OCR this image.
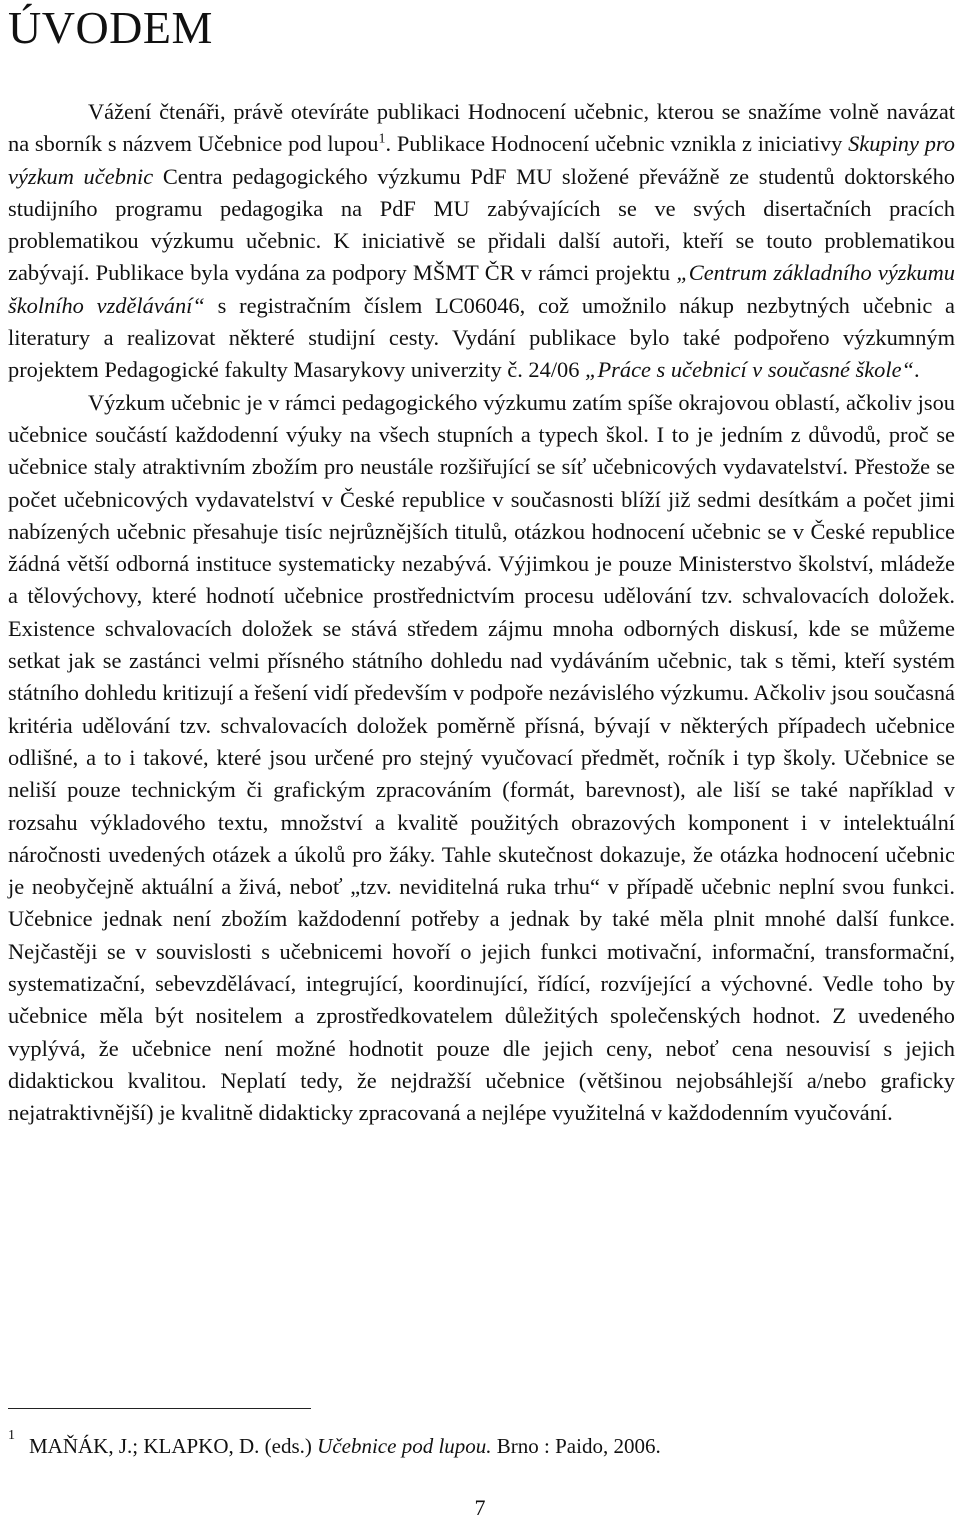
ÚVODEM

Vážení čtenáři, právě otevíráte publikaci Hodnocení učebnic, kterou se snažíme volně navázat na sborník s názvem Učebnice pod lupou$^1$. Publikace Hodnocení učebnic vznikla z iniciativy Skupiny pro výzkum učebnic Centra pedagogického výzkumu PdF MU složené převážně ze studentů doktorského studijního programu pedagogika na PdF MU zabývajících se ve svých disertačních pracích problematikou výzkumu učebnic. K iniciativě se přidali další autoři, kteří se touto problematikou zabývají. Publikace byla vydána za podpory MŠMT ČR v rámci projektu „Centrum základního výzkumu školního vzdělávání“ s registračním číslem LC06046, což umožnilo nákup nezbytných učebnic a literatury a realizovat některé studijní cesty. Vydání publikace bylo také podpořeno výzkumným projektem Pedagogické fakulty Masarykovy univerzity č. 24/06 „Práce s učebnicí v současné škole“.

Výzkum učebnic je v rámci pedagogického výzkumu zatím spíše okrajovou oblastí, ačkoliv jsou učebnice součástí každodenní výuky na všech stupních a typech škol. I to je jedním z důvodů, proč se učebnice staly atraktivním zbožím pro neustále rozšiřující se síť učebnicových vydavatelství. Přestože se počet učebnicových vydavatelství v České republice v současnosti blíží již sedmi desítkám a počet jimi nabízených učebnic přesahuje tisíc nejrůznějších titulů, otázkou hodnocení učebnic se v České republice žádná větší odborná instituce systematicky nezabývá. Výjimkou je pouze Ministerstvo školství, mládeže a tělovýchovy, které hodnotí učebnice prostřednictvím procesu udělování tzv. schvalovacích doložek. Existence schvalovacích doložek se stává středem zájmu mnoha odborných diskusí, kde se můžeme setkat jak se zastánci velmi přísného státního dohledu nad vydáváním učebnic, tak s těmi, kteří systém státního dohledu kritizují a řešení vidí především v podpoře nezávislého výzkumu. Ačkoliv jsou současná kritéria udělování tzv. schvalovacích doložek poměrně přísná, bývají v některých případech učebnice odlišné, a to i takové, které jsou určené pro stejný vyučovací předmět, ročník i typ školy. Učebnice se neliší pouze technickým či grafickým zpracováním (formát, barevnost), ale liší se také například v rozsahu výkladového textu, množství a kvalitě použitých obrazových komponent i v intelektuální náročnosti uvedených otázek a úkolů pro žáky. Tahle skutečnost dokazuje, že otázka hodnocení učebnic je neobyčejně aktuální a živá, neboť „tzv. neviditelná ruka trhu“ v případě učebnic neplní svou funkci. Učebnice jednak není zbožím každodenní potřeby a jednak by také měla plnit mnohé další funkce. Nejčastěji se v souvislosti s učebnicemi hovoří o jejich funkci motivační, informační, transformační, systematizační, sebevzdělávací, integrující, koordinující, řídící, rozvíjející a výchovné. Vedle toho by učebnice měla být nositelem a zprostředkovatelem důležitých společenských hodnot. Z uvedeného vyplývá, že učebnice není možné hodnotit pouze dle jejich ceny, neboť cena nesouvisí s jejich didaktickou kvalitou. Neplatí tedy, že nejdražší učebnice (většinou nejobsáhlejší a/nebo graficky nejatraktivnější) je kvalitně didakticky zpracovaná a nejlépe využitelná v každodenním vyučování.

$^1$ MAŇÁK, J.; KLAPKO, D. (eds.) Učebnice pod lupou. Brno : Paido, 2006.
7
